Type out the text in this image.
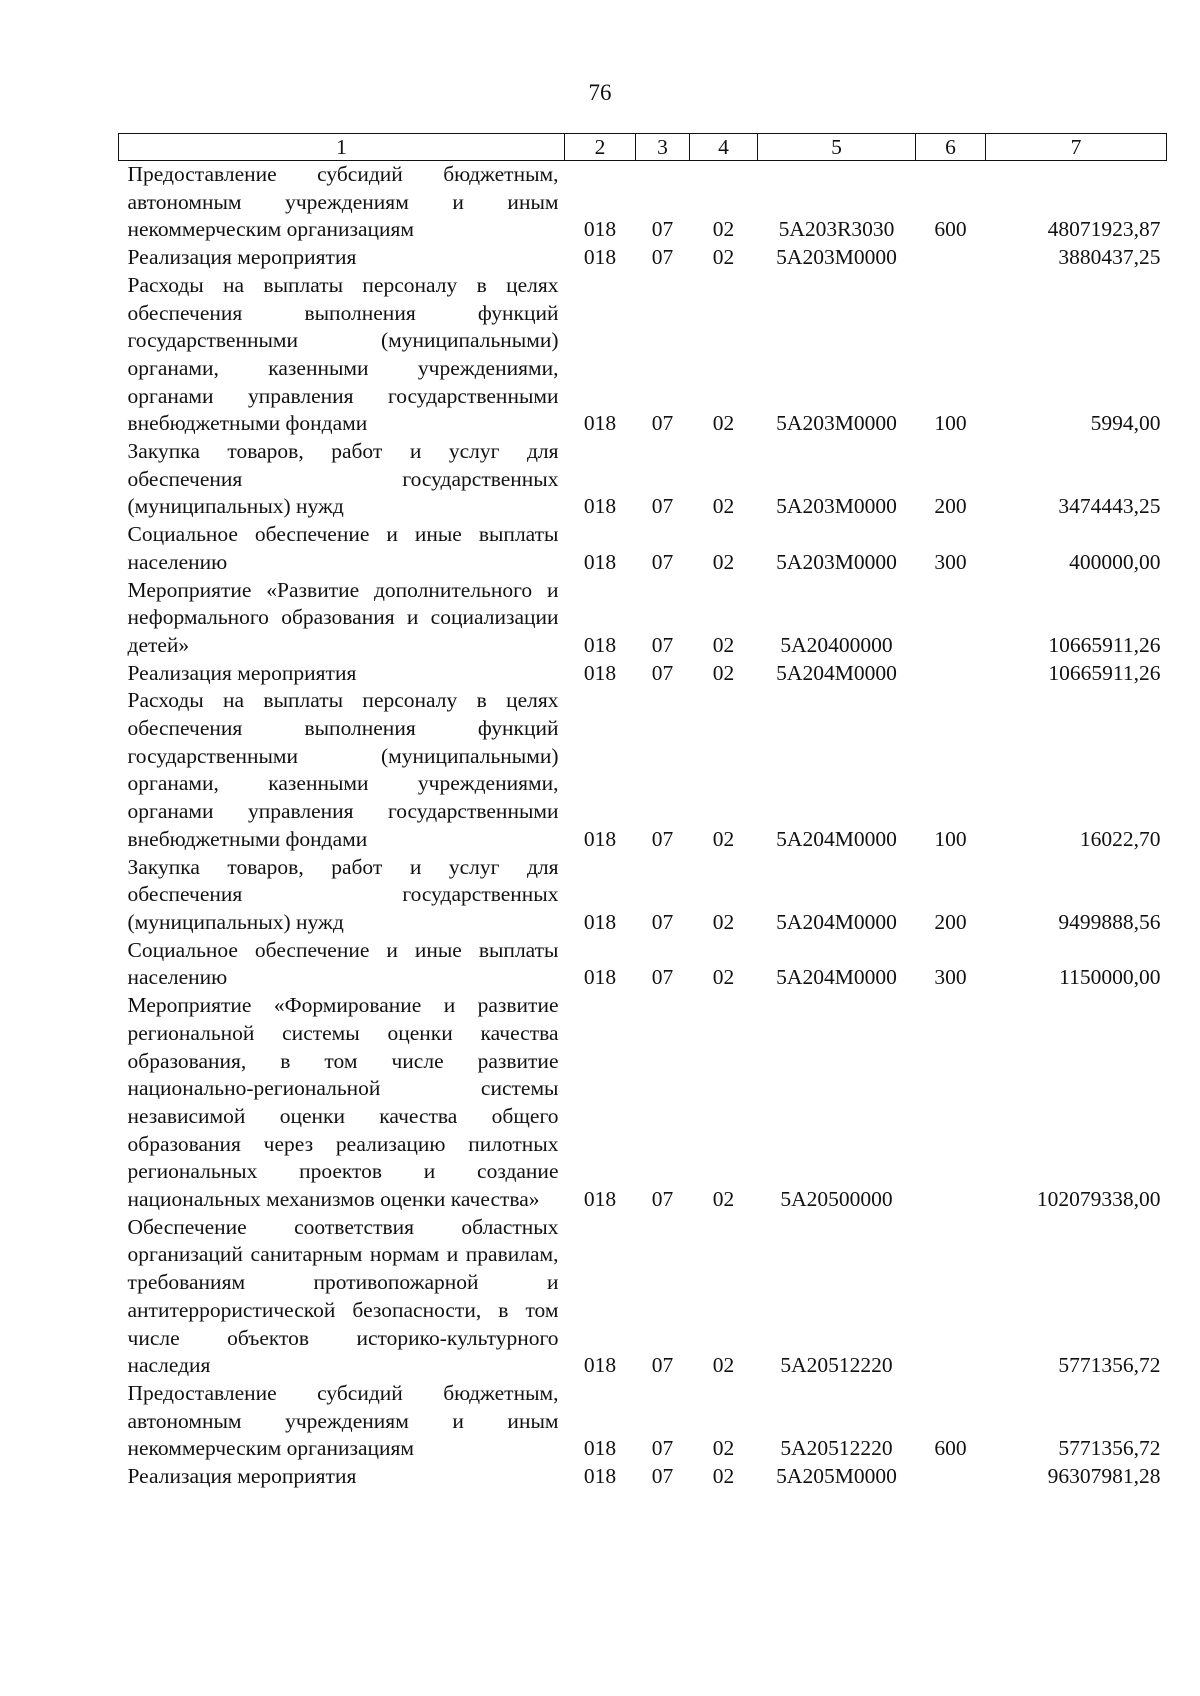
76
1	2	3	4	5	6	7
Предоставление субсидий бюджетным, автономным учреждениям и иным некоммерческим организациям	018	07	02	5А203R3030	600	48071923,87
Реализация мероприятия	018	07	02	5А203М0000		3880437,25
Расходы на выплаты персоналу в целях обеспечения выполнения функций государственными (муниципальными) органами, казенными учреждениями, органами управления государственными внебюджетными фондами	018	07	02	5А203М0000	100	5994,00
Закупка товаров, работ и услуг для обеспечения государственных (муниципальных) нужд	018	07	02	5А203М0000	200	3474443,25
Социальное обеспечение и иные выплаты населению	018	07	02	5А203М0000	300	400000,00
Мероприятие «Развитие дополнительного и неформального образования и социализации детей»	018	07	02	5А20400000		10665911,26
Реализация мероприятия	018	07	02	5А204М0000		10665911,26
Расходы на выплаты персоналу в целях обеспечения выполнения функций государственными (муниципальными) органами, казенными учреждениями, органами управления государственными внебюджетными фондами	018	07	02	5А204М0000	100	16022,70
Закупка товаров, работ и услуг для обеспечения государственных (муниципальных) нужд	018	07	02	5А204М0000	200	9499888,56
Социальное обеспечение и иные выплаты населению	018	07	02	5А204М0000	300	1150000,00
Мероприятие «Формирование и развитие региональной системы оценки качества образования, в том числе развитие национально-региональной системы независимой оценки качества общего образования через реализацию пилотных региональных проектов и создание национальных механизмов оценки качества»	018	07	02	5А20500000		102079338,00
Обеспечение соответствия областных организаций санитарным нормам и правилам, требованиям противопожарной и антитеррористической безопасности, в том числе объектов историко-культурного наследия	018	07	02	5А20512220		5771356,72
Предоставление субсидий бюджетным, автономным учреждениям и иным некоммерческим организациям	018	07	02	5А20512220	600	5771356,72
Реализация мероприятия	018	07	02	5А205М0000		96307981,28
